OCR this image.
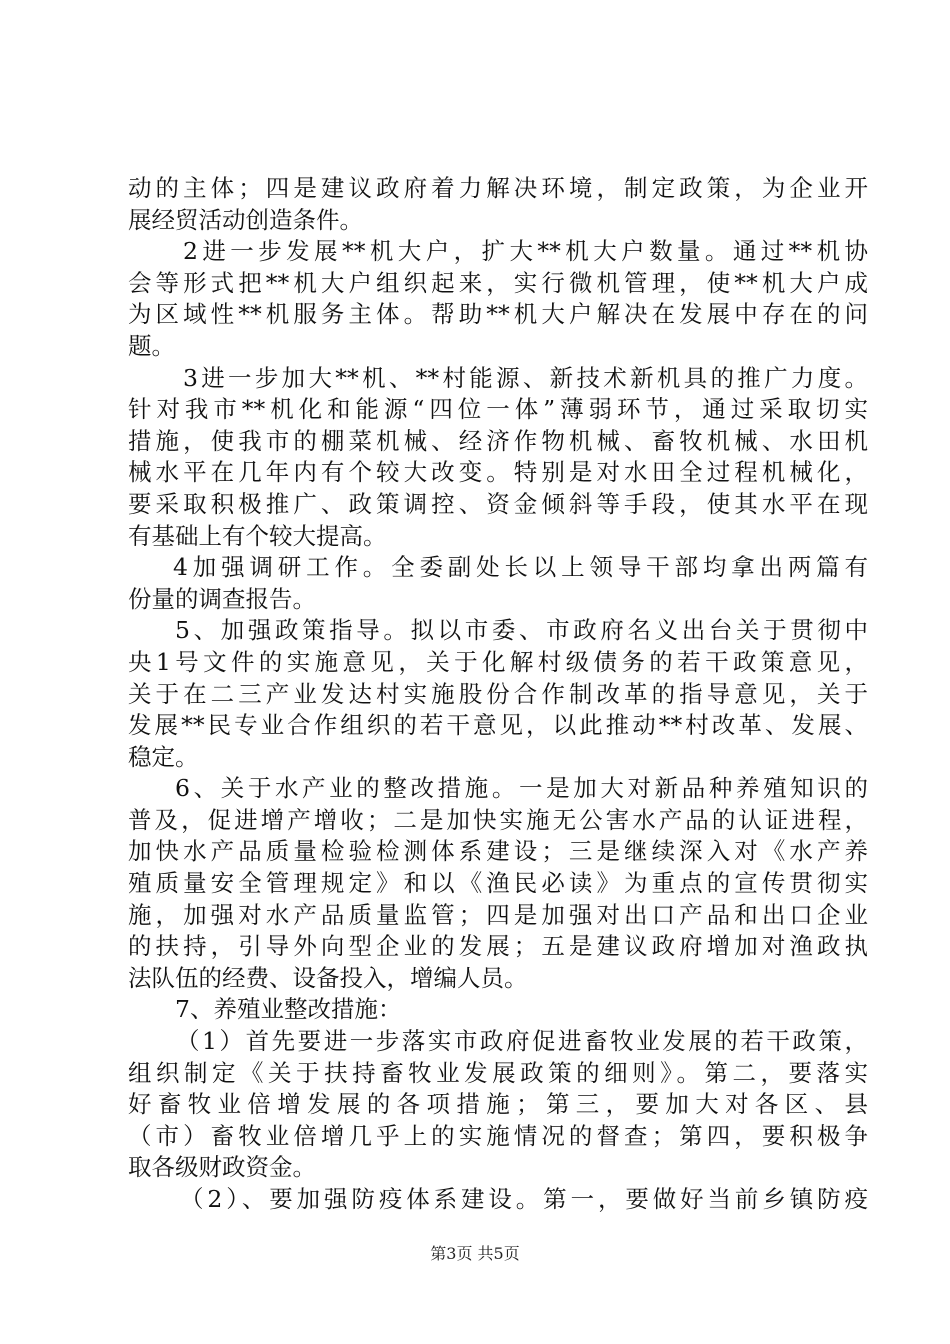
动的主体；四是建议政府着力解决环境，制定政策，为企业开
展经贸活动创造条件。
2进一步发展**机大户，扩大**机大户数量。通过**机协
会等形式把**机大户组织起来，实行微机管理，使**机大户成
为区域性**机服务主体。帮助**机大户解决在发展中存在的问
题。
3进一步加大**机、**村能源、新技术新机具的推广力度。
针对我市**机化和能源“四位一体”薄弱环节，通过采取切实
措施，使我市的棚菜机械、经济作物机械、畜牧机械、水田机
械水平在几年内有个较大改变。特别是对水田全过程机械化，
要采取积极推广、政策调控、资金倾斜等手段，使其水平在现
有基础上有个较大提高。
4加强调研工作。全委副处长以上领导干部均拿出两篇有
份量的调查报告。
5、加强政策指导。拟以市委、市政府名义出台关于贯彻中
央1号文件的实施意见，关于化解村级债务的若干政策意见，
关于在二三产业发达村实施股份合作制改革的指导意见，关于
发展**民专业合作组织的若干意见，以此推动**村改革、发展、
稳定。
6、关于水产业的整改措施。一是加大对新品种养殖知识的
普及，促进增产增收；二是加快实施无公害水产品的认证进程，
加快水产品质量检验检测体系建设；三是继续深入对《水产养
殖质量安全管理规定》和以《渔民必读》为重点的宣传贯彻实
施，加强对水产品质量监管；四是加强对出口产品和出口企业
的扶持，引导外向型企业的发展；五是建议政府增加对渔政执
法队伍的经费、设备投入，增编人员。
7、养殖业整改措施：
（1）首先要进一步落实市政府促进畜牧业发展的若干政策，
组织制定《关于扶持畜牧业发展政策的细则》。第二，要落实
好畜牧业倍增发展的各项措施；第三，要加大对各区、县
（市）畜牧业倍增几乎上的实施情况的督查；第四，要积极争
取各级财政资金。
（2）、要加强防疫体系建设。第一，要做好当前乡镇防疫
第3页 共5页
